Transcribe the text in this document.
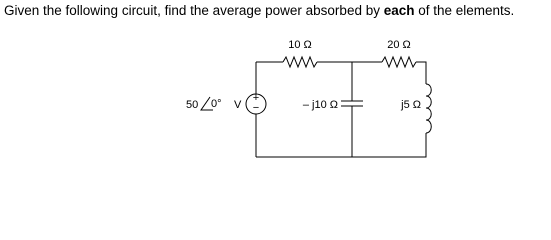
Given the following circuit, find the average power absorbed by each of the elements.
+
−
50 0° V
10 Ω	20 Ω
– j10 Ω	j5 Ω
